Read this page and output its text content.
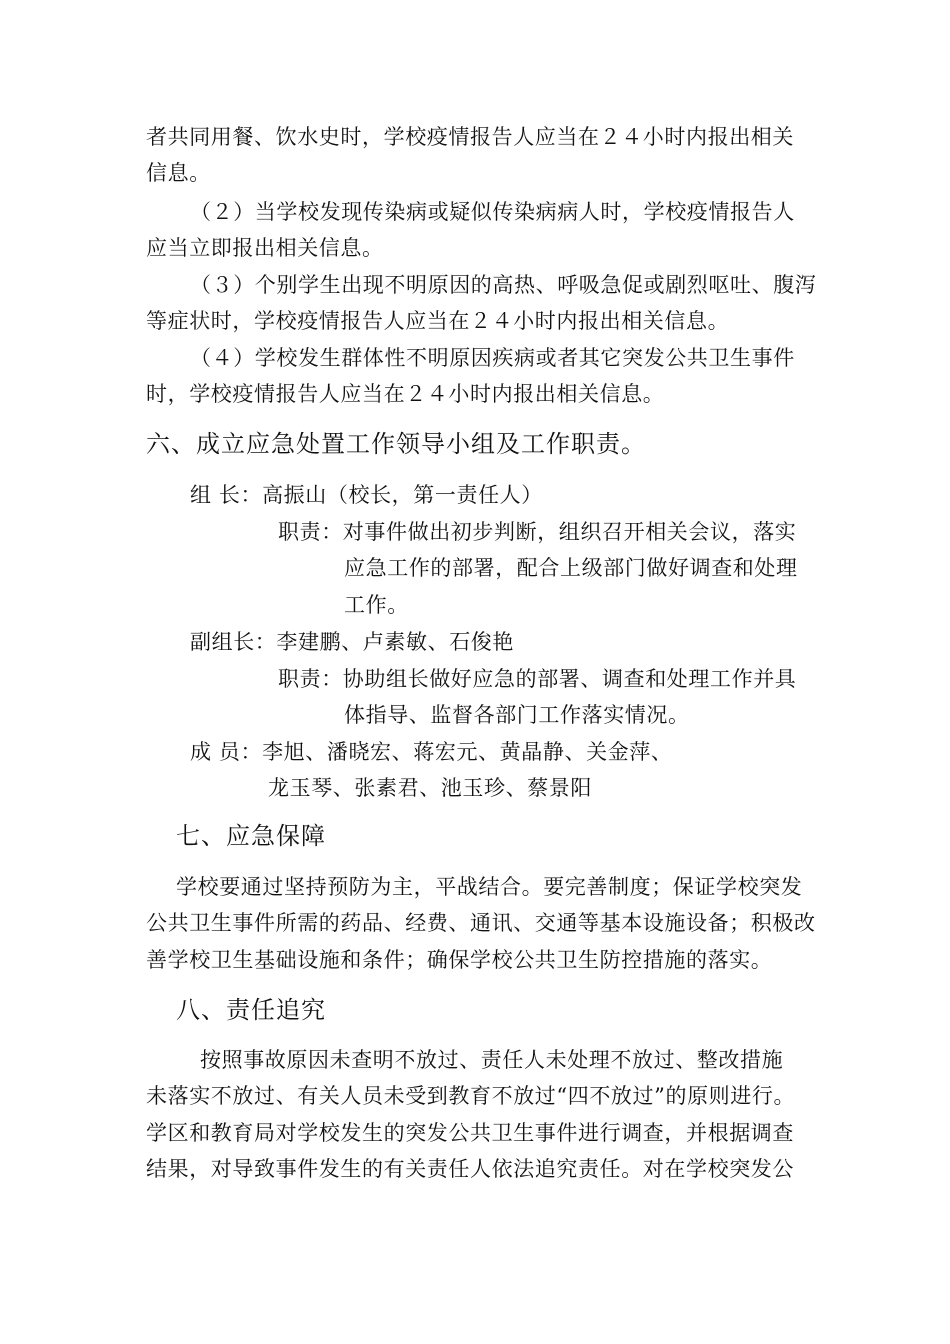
者共同用餐、饮水史时，学校疫情报告人应当在２４小时内报出相关
信息。
（２）当学校发现传染病或疑似传染病病人时，学校疫情报告人
应当立即报出相关信息。
（３）个别学生出现不明原因的高热、呼吸急促或剧烈呕吐、腹泻
等症状时，学校疫情报告人应当在２４小时内报出相关信息。
（４）学校发生群体性不明原因疾病或者其它突发公共卫生事件
时，学校疫情报告人应当在２４小时内报出相关信息。
六、成立应急处置工作领导小组及工作职责。
组 长：高振山（校长，第一责任人）
职责：对事件做出初步判断，组织召开相关会议，落实
应急工作的部署，配合上级部门做好调查和处理
工作。
副组长：李建鹏、卢素敏、石俊艳
职责：协助组长做好应急的部署、调查和处理工作并具
体指导、监督各部门工作落实情况。
成 员：李旭、潘晓宏、蒋宏元、黄晶静、关金萍、
龙玉琴、张素君、池玉珍、蔡景阳
七、应急保障
学校要通过坚持预防为主，平战结合。要完善制度；保证学校突发
公共卫生事件所需的药品、经费、通讯、交通等基本设施设备；积极改
善学校卫生基础设施和条件；确保学校公共卫生防控措施的落实。
八、责任追究
按照事故原因未查明不放过、责任人未处理不放过、整改措施
未落实不放过、有关人员未受到教育不放过“四不放过”的原则进行。
学区和教育局对学校发生的突发公共卫生事件进行调查，并根据调查
结果，对导致事件发生的有关责任人依法追究责任。对在学校突发公
